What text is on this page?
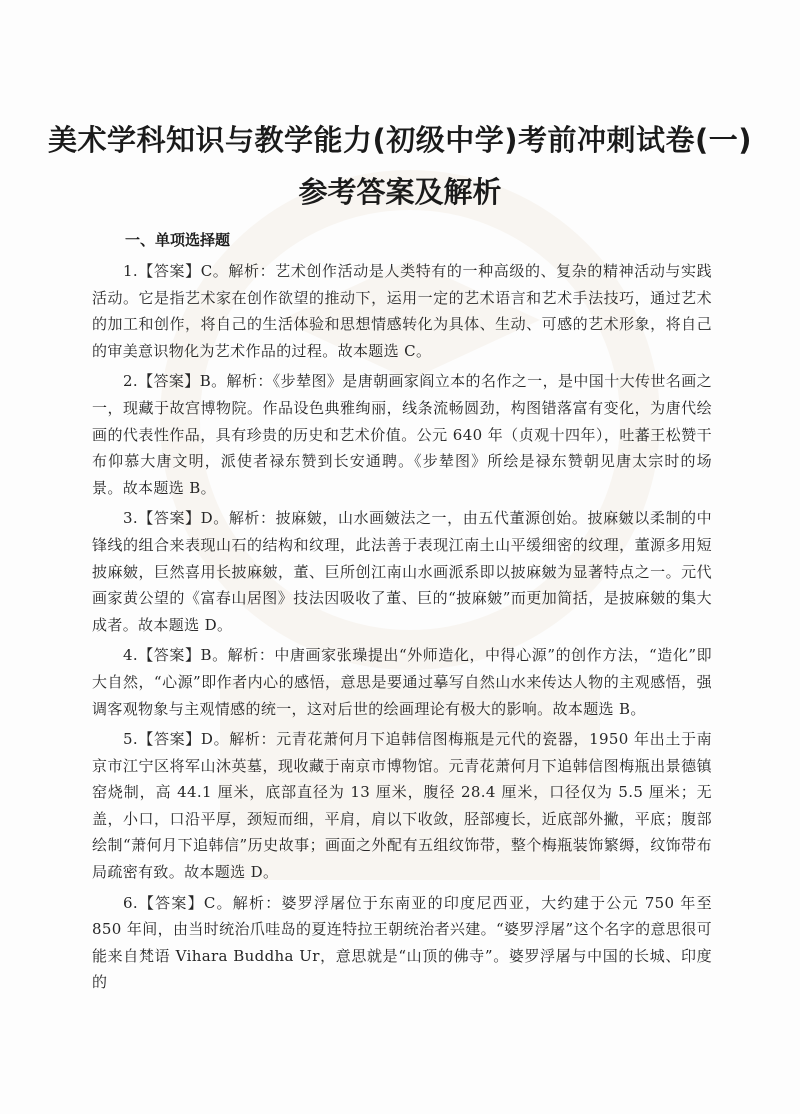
美术学科知识与教学能力(初级中学)考前冲刺试卷(一)
参考答案及解析
一、单项选择题

1.【答案】C。解析：艺术创作活动是人类特有的一种高级的、复杂的精神活动与实践活动。它是指艺术家在创作欲望的推动下，运用一定的艺术语言和艺术手法技巧，通过艺术的加工和创作，将自己的生活体验和思想情感转化为具体、生动、可感的艺术形象，将自己的审美意识物化为艺术作品的过程。故本题选 C。

2.【答案】B。解析：《步辇图》是唐朝画家阎立本的名作之一，是中国十大传世名画之一，现藏于故宫博物院。作品设色典雅绚丽，线条流畅圆劲，构图错落富有变化，为唐代绘画的代表性作品，具有珍贵的历史和艺术价值。公元 640 年（贞观十四年），吐蕃王松赞干布仰慕大唐文明，派使者禄东赞到长安通聘。《步辇图》所绘是禄东赞朝见唐太宗时的场景。故本题选 B。

3.【答案】D。解析：披麻皴，山水画皴法之一，由五代董源创始。披麻皴以柔制的中锋线的组合来表现山石的结构和纹理，此法善于表现江南土山平缓细密的纹理，董源多用短披麻皴，巨然喜用长披麻皴，董、巨所创江南山水画派系即以披麻皴为显著特点之一。元代画家黄公望的《富春山居图》技法因吸收了董、巨的“披麻皴”而更加简括，是披麻皴的集大成者。故本题选 D。

4.【答案】B。解析：中唐画家张璪提出“外师造化，中得心源”的创作方法，“造化”即大自然，“心源”即作者内心的感悟，意思是要通过摹写自然山水来传达人物的主观感悟，强调客观物象与主观情感的统一，这对后世的绘画理论有极大的影响。故本题选 B。

5.【答案】D。解析：元青花萧何月下追韩信图梅瓶是元代的瓷器，1950 年出土于南京市江宁区将军山沐英墓，现收藏于南京市博物馆。元青花萧何月下追韩信图梅瓶出景德镇窑烧制，高 44.1 厘米，底部直径为 13 厘米，腹径 28.4 厘米，口径仅为 5.5 厘米；无盖，小口，口沿平厚，颈短而细，平肩，肩以下收敛，胫部瘦长，近底部外撇，平底；腹部绘制“萧何月下追韩信”历史故事；画面之外配有五组纹饰带，整个梅瓶装饰繁缛，纹饰带布局疏密有致。故本题选 D。

6.【答案】C。解析：婆罗浮屠位于东南亚的印度尼西亚，大约建于公元 750 年至 850 年间，由当时统治爪哇岛的夏连特拉王朝统治者兴建。“婆罗浮屠”这个名字的意思很可能来自梵语 Vihara Buddha Ur，意思就是“山顶的佛寺”。婆罗浮屠与中国的长城、印度的
